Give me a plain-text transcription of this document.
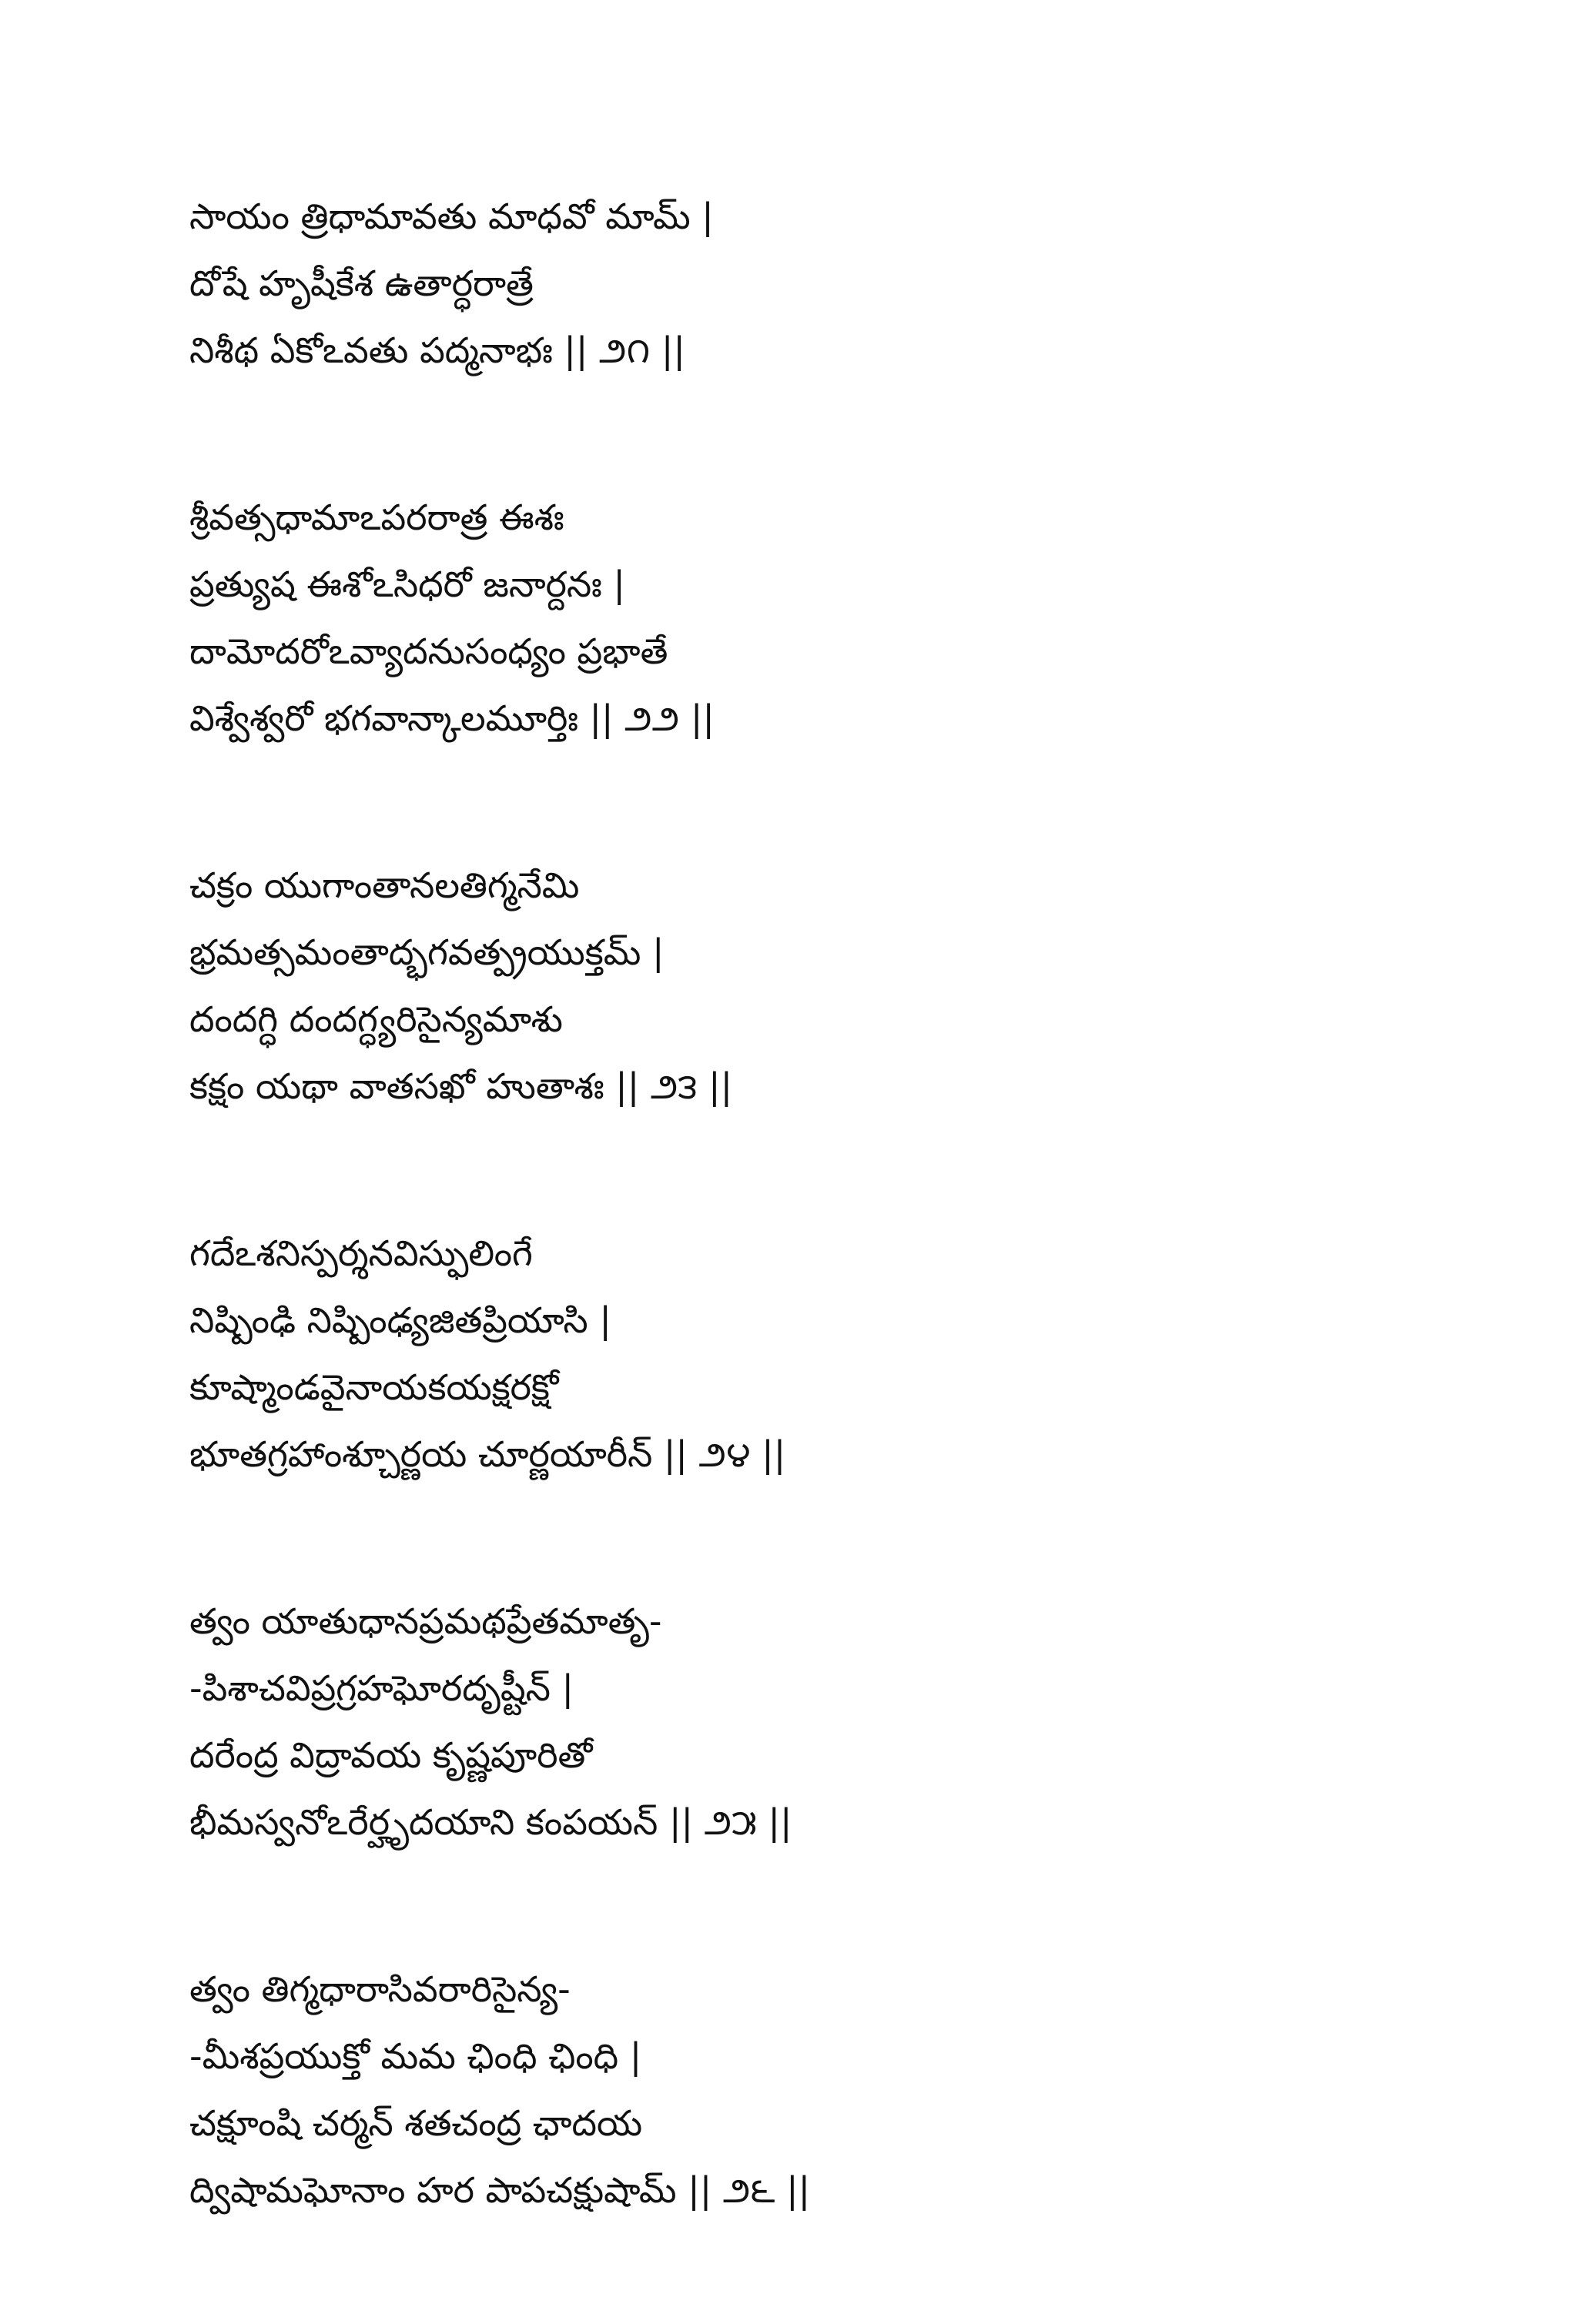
సాయం త్రిధామావతు మాధవో మామ్ |
దోషే హృషీకేశ ఉతార్ధరాత్రే
నిశీథ ఏకోఽవతు పద్మనాభః || ౨౧ ||
శ్రీవత్సధామాఽపరరాత్ర ఈశః
ప్రత్యుష ఈశోఽసిధరో జనార్దనః |
దామోదరోఽవ్యాదనుసంధ్యం ప్రభాతే
విశ్వేశ్వరో భగవాన్కాలమూర్తిః || ౨౨ ||
చక్రం యుగాంతానలతిగ్మనేమి
భ్రమత్సమంతాద్భగవత్ప్రయుక్తమ్ |
దందగ్ధి దందగ్ధ్యరిసైన్యమాశు
కక్షం యథా వాతసఖో హుతాశః || ౨౩ ||
గదేఽశనిస్పర్శనవిస్ఫులింగే
నిష్పింఢి నిష్పింఢ్యజితప్రియాసి |
కూష్మాండవైనాయకయక్షరక్షో
భూతగ్రహాంశ్చూర్ణయ చూర్ణయారీన్ || ౨౪ ||
త్వం యాతుధానప్రమథప్రేతమాతృ-
-పిశాచవిప్రగ్రహఘోరదృష్టీన్ |
దరేంద్ర విద్రావయ కృష్ణపూరితో
భీమస్వనోఽరేర్హృదయాని కంపయన్ || ౨౫ ||
త్వం తిగ్మధారాసివరారిసైన్య-
-మీశప్రయుక్తో మమ ఛింధి ఛింధి |
చక్షూంషి చర్మన్ శతచంద్ర ఛాదయ
ద్విషామఘోనాం హర పాపచక్షుషామ్ || ౨౬ ||
